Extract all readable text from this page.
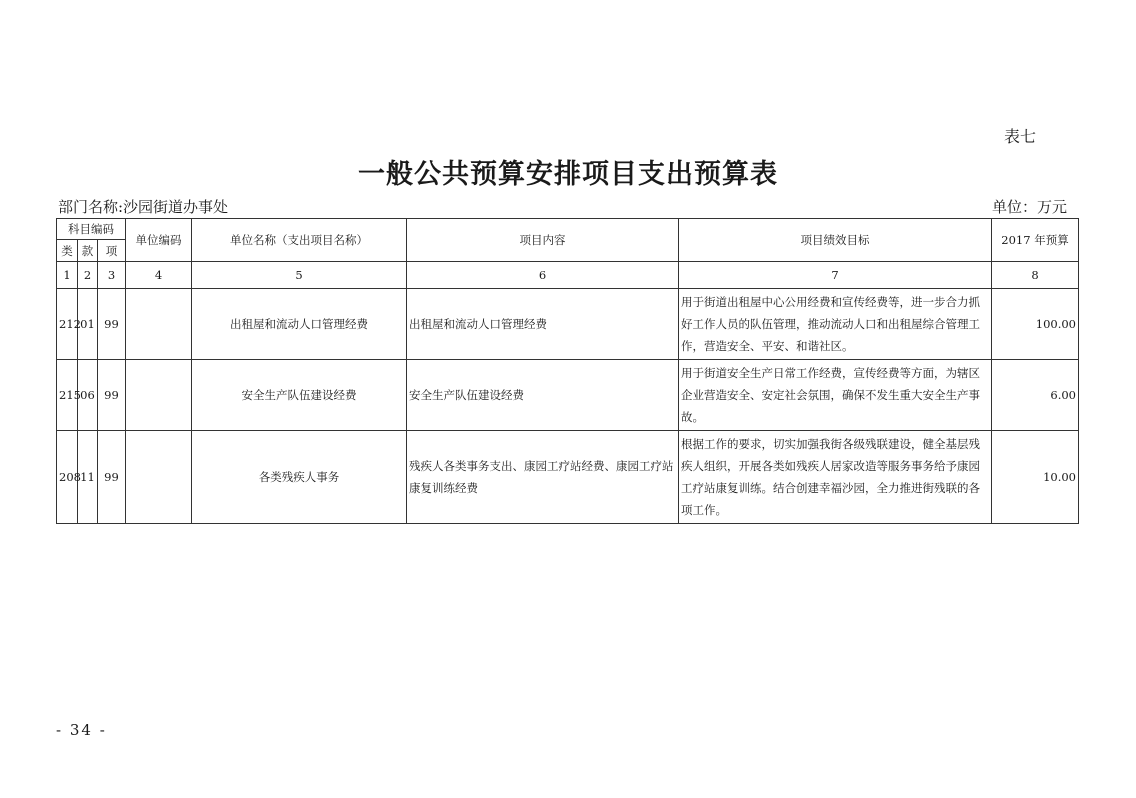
表七
一般公共预算安排项目支出预算表
部门名称:沙园街道办事处	单位：万元
科目编码			单位编码	单位名称（支出项目名称）	项目内容	项目绩效目标	2017 年预算
类	款	项					
1	2	3	4	5	6	7	8
212	01	99		出租屋和流动人口管理经费	出租屋和流动人口管理经费	用于街道出租屋中心公用经费和宣传经费等，进一步合力抓好工作人员的队伍管理，推动流动人口和出租屋综合管理工作，营造安全、平安、和谐社区。	100.00
215	06	99		安全生产队伍建设经费	安全生产队伍建设经费	用于街道安全生产日常工作经费，宣传经费等方面，为辖区企业营造安全、安定社会氛围，确保不发生重大安全生产事故。	6.00
208	11	99		各类残疾人事务	残疾人各类事务支出、康园工疗站经费、康园工疗站康复训练经费	根据工作的要求，切实加强我街各级残联建设，健全基层残疾人组织，开展各类如残疾人居家改造等服务事务给予康园工疗站康复训练。结合创建幸福沙园，全力推进街残联的各项工作。	10.00
- 34 -
